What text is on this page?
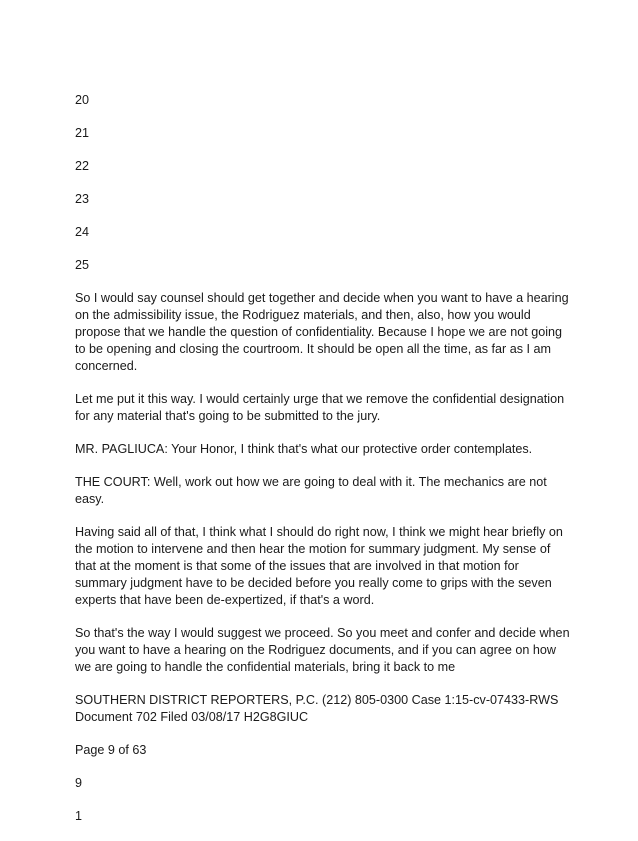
20
21
22
23
24
25

So I would say counsel should get together and decide when you want to have a hearing on the admissibility issue, the Rodriguez materials, and then, also, how you would propose that we handle the question of confidentiality. Because I hope we are not going to be opening and closing the courtroom. It should be open all the time, as far as I am concerned.

Let me put it this way. I would certainly urge that we remove the confidential designation for any material that's going to be submitted to the jury.

MR. PAGLIUCA: Your Honor, I think that's what our protective order contemplates.

THE COURT: Well, work out how we are going to deal with it. The mechanics are not easy.

Having said all of that, I think what I should do right now, I think we might hear briefly on the motion to intervene and then hear the motion for summary judgment. My sense of that at the moment is that some of the issues that are involved in that motion for summary judgment have to be decided before you really come to grips with the seven experts that have been de-expertized, if that's a word.

So that's the way I would suggest we proceed. So you meet and confer and decide when you want to have a hearing on the Rodriguez documents, and if you can agree on how we are going to handle the confidential materials, bring it back to me

SOUTHERN DISTRICT REPORTERS, P.C. (212) 805-0300 Case 1:15-cv-07433-RWS Document 702 Filed 03/08/17 H2G8GIUC

Page 9 of 63

9

1
